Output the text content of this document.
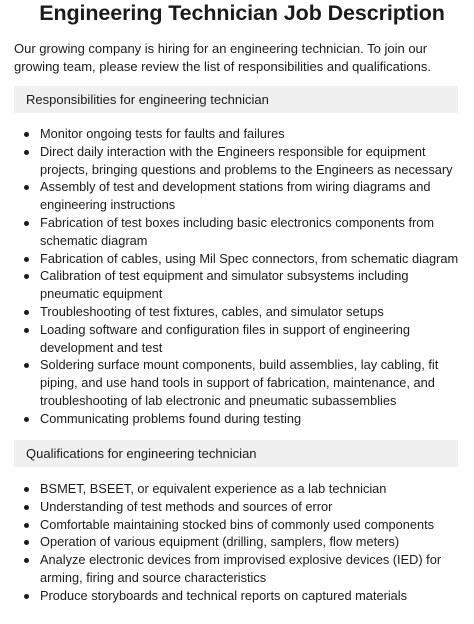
Engineering Technician Job Description
Our growing company is hiring for an engineering technician. To join our growing team, please review the list of responsibilities and qualifications.
Responsibilities for engineering technician
Monitor ongoing tests for faults and failures
Direct daily interaction with the Engineers responsible for equipment projects, bringing questions and problems to the Engineers as necessary
Assembly of test and development stations from wiring diagrams and engineering instructions
Fabrication of test boxes including basic electronics components from schematic diagram
Fabrication of cables, using Mil Spec connectors, from schematic diagram
Calibration of test equipment and simulator subsystems including pneumatic equipment
Troubleshooting of test fixtures, cables, and simulator setups
Loading software and configuration files in support of engineering development and test
Soldering surface mount components, build assemblies, lay cabling, fit piping, and use hand tools in support of fabrication, maintenance, and troubleshooting of lab electronic and pneumatic subassemblies
Communicating problems found during testing
Qualifications for engineering technician
BSMET, BSEET, or equivalent experience as a lab technician
Understanding of test methods and sources of error
Comfortable maintaining stocked bins of commonly used components
Operation of various equipment (drilling, samplers, flow meters)
Analyze electronic devices from improvised explosive devices (IED) for arming, firing and source characteristics
Produce storyboards and technical reports on captured materials
